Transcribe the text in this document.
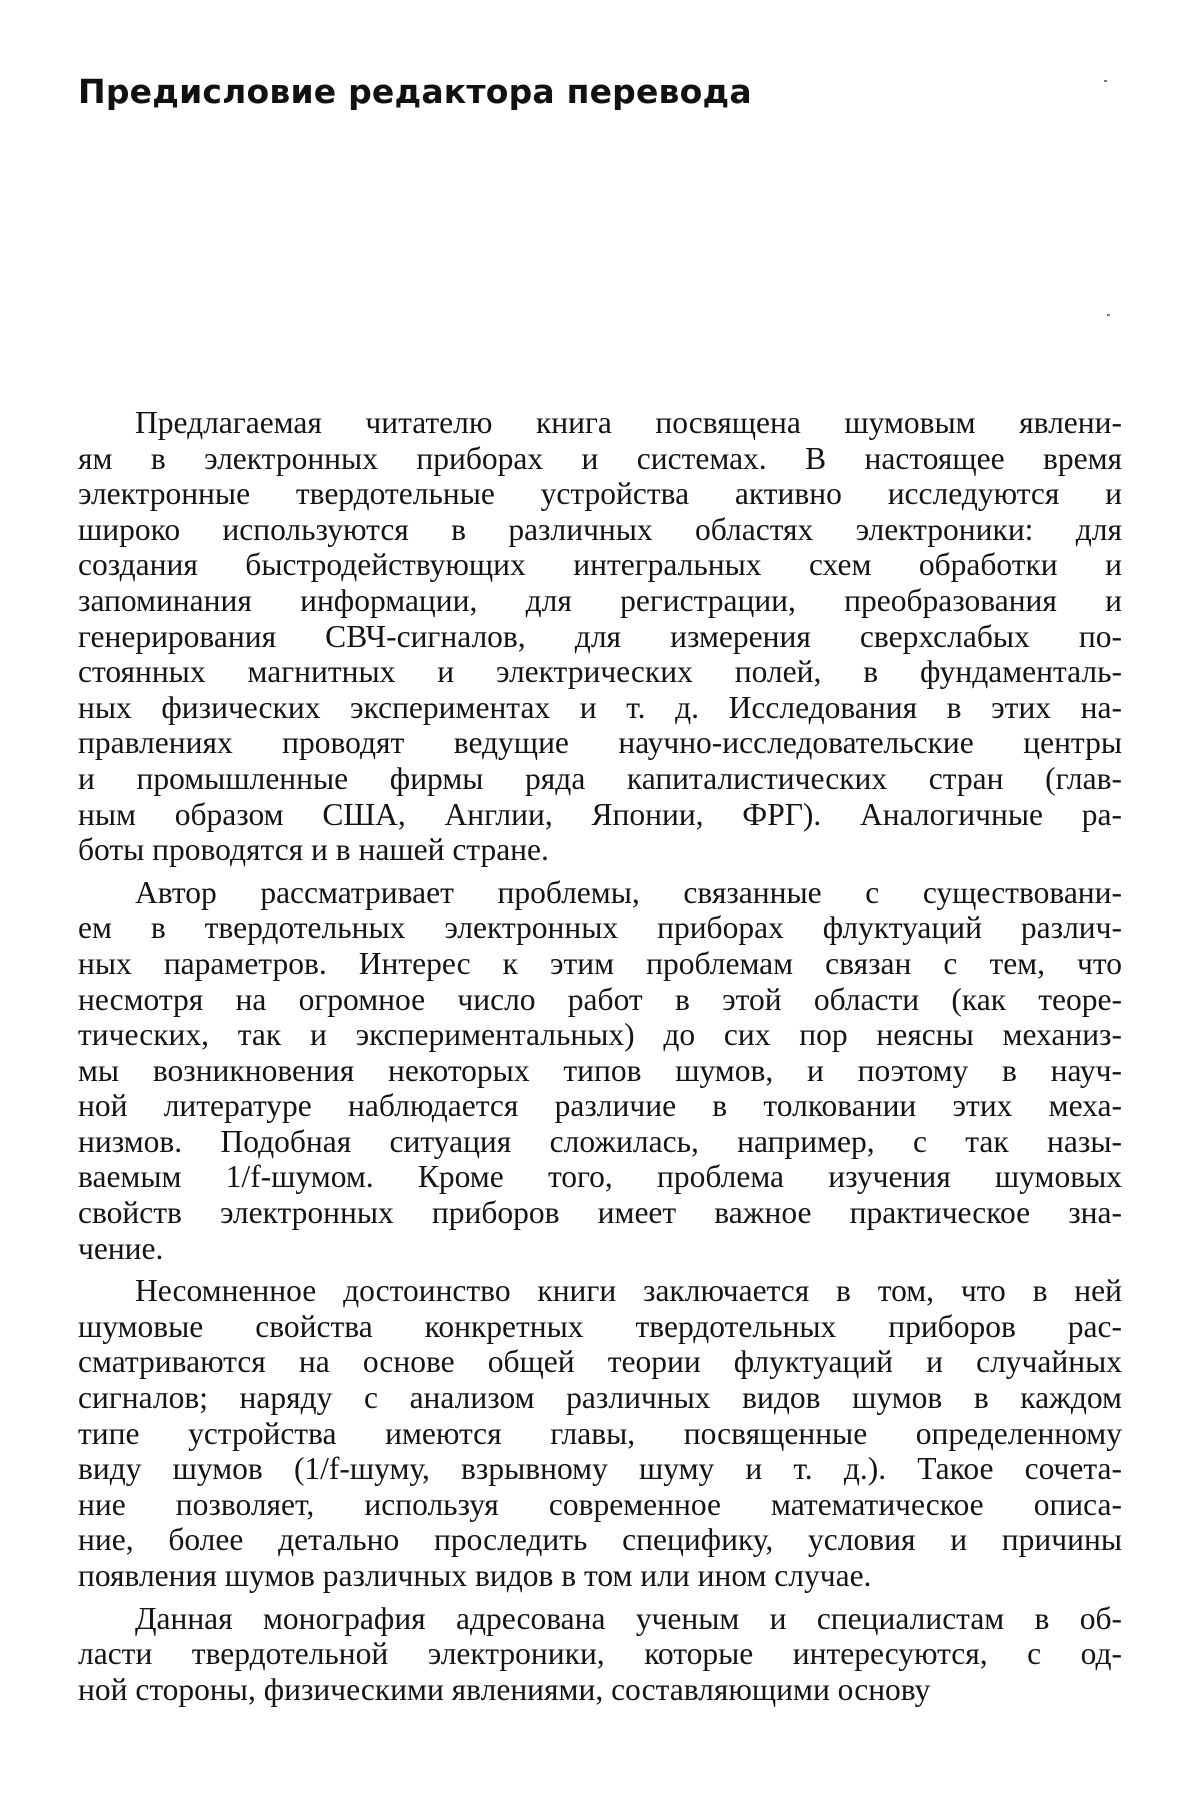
Предисловие редактора перевода
Предлагаемая читателю книга посвящена шумовым явлени-
ям в электронных приборах и системах. В настоящее время
электронные твердотельные устройства активно исследуются и
широко используются в различных областях электроники: для
создания быстродействующих интегральных схем обработки и
запоминания информации, для регистрации, преобразования и
генерирования СВЧ-сигналов, для измерения сверхслабых по-
стоянных магнитных и электрических полей, в фундаменталь-
ных физических экспериментах и т. д. Исследования в этих на-
правлениях проводят ведущие научно-исследовательские центры
и промышленные фирмы ряда капиталистических стран (глав-
ным образом США, Англии, Японии, ФРГ). Аналогичные ра-
боты проводятся и в нашей стране.
Автор рассматривает проблемы, связанные с существовани-
ем в твердотельных электронных приборах флуктуаций различ-
ных параметров. Интерес к этим проблемам связан с тем, что
несмотря на огромное число работ в этой области (как теоре-
тических, так и экспериментальных) до сих пор неясны механиз-
мы возникновения некоторых типов шумов, и поэтому в науч-
ной литературе наблюдается различие в толковании этих меха-
низмов. Подобная ситуация сложилась, например, с так назы-
ваемым 1/f-шумом. Кроме того, проблема изучения шумовых
свойств электронных приборов имеет важное практическое зна-
чение.
Несомненное достоинство книги заключается в том, что в ней
шумовые свойства конкретных твердотельных приборов рас-
сматриваются на основе общей теории флуктуаций и случайных
сигналов; наряду с анализом различных видов шумов в каждом
типе устройства имеются главы, посвященные определенному
виду шумов (1/f-шуму, взрывному шуму и т. д.). Такое сочета-
ние позволяет, используя современное математическое описа-
ние, более детально проследить специфику, условия и причины
появления шумов различных видов в том или ином случае.
Данная монография адресована ученым и специалистам в об-
ласти твердотельной электроники, которые интересуются, с од-
ной стороны, физическими явлениями, составляющими основу
